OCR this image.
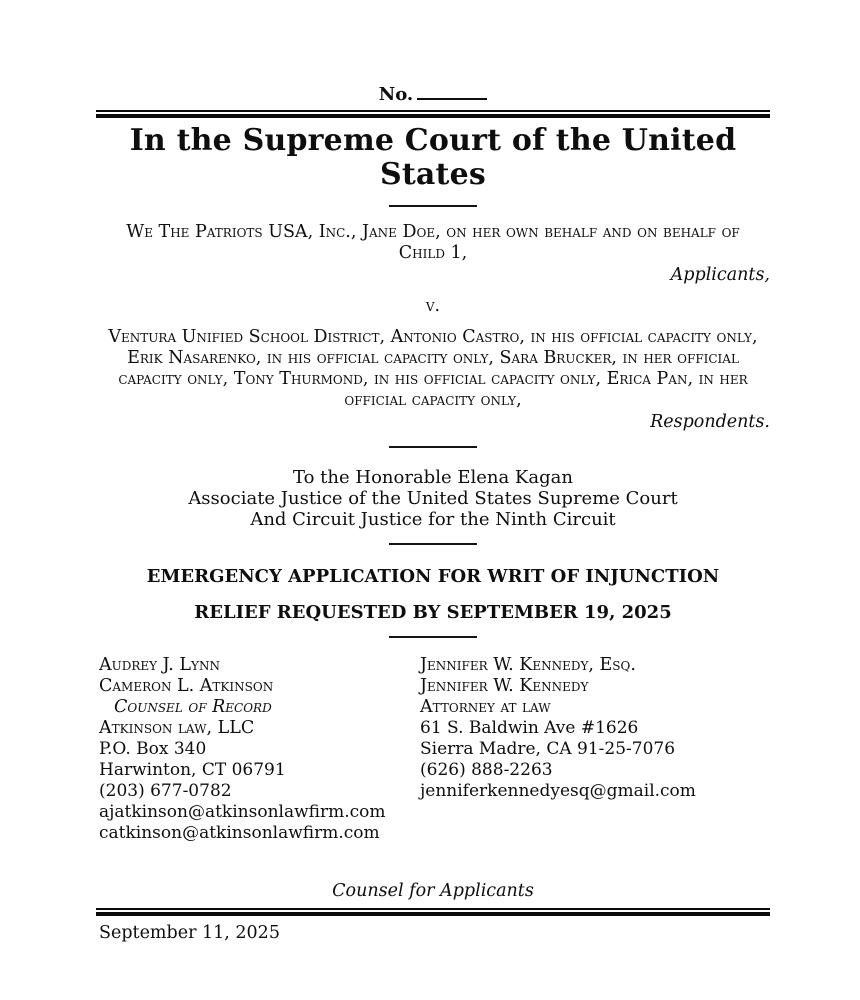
No.
In the Supreme Court of the United States
We The Patriots USA, Inc., Jane Doe, on her own behalf and on behalf of Child 1,
Applicants,
v.
Ventura Unified School District, Antonio Castro, in his official capacity only, Erik Nasarenko, in his official capacity only, Sara Brucker, in her official capacity only, Tony Thurmond, in his official capacity only, Erica Pan, in her official capacity only,
Respondents.
To the Honorable Elena Kagan
Associate Justice of the United States Supreme Court
And Circuit Justice for the Ninth Circuit
EMERGENCY APPLICATION FOR WRIT OF INJUNCTION
RELIEF REQUESTED BY SEPTEMBER 19, 2025
Audrey J. Lynn
Cameron L. Atkinson
Counsel of Record
Atkinson law, LLC
P.O. Box 340
Harwinton, CT 06791
(203) 677-0782
ajatkinson@atkinsonlawfirm.com
catkinson@atkinsonlawfirm.com
Jennifer W. Kennedy, Esq.
Jennifer W. Kennedy
Attorney at law
61 S. Baldwin Ave #1626
Sierra Madre, CA 91-25-7076
(626) 888-2263
jenniferkennedyesq@gmail.com
Counsel for Applicants
September 11, 2025
